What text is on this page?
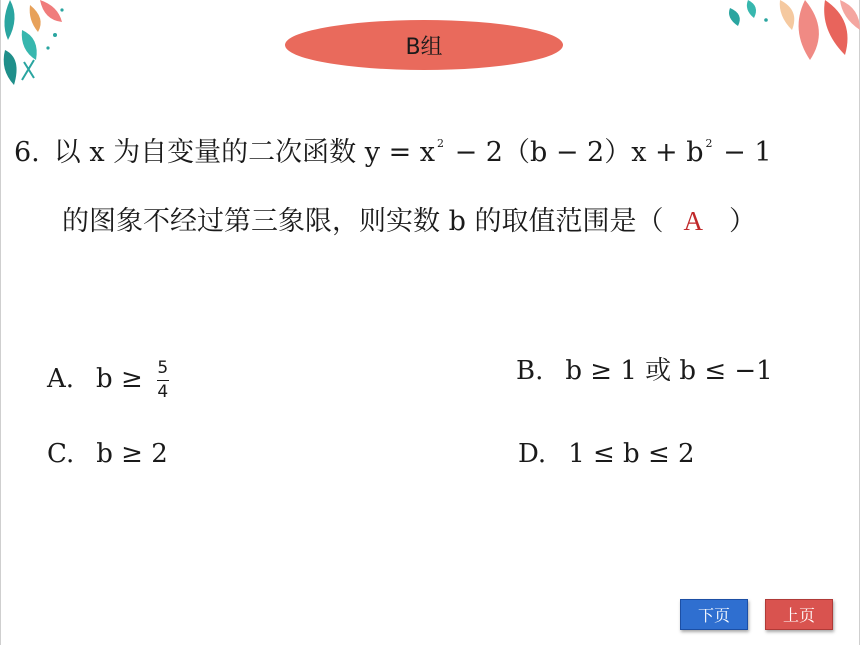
B组
6. 以 x 为自变量的二次函数 y = x $^2$ − 2（b − 2）x + b $^2$ − 1
的图象不经过第三象限，则实数 b 的取值范围是（ A ）
A. $b \ge \frac{5}{4}$	B. b ≥ 1 或 b ≤ −1
C. b ≥ 2	D. 1 ≤ b ≤ 2
下页	上页
